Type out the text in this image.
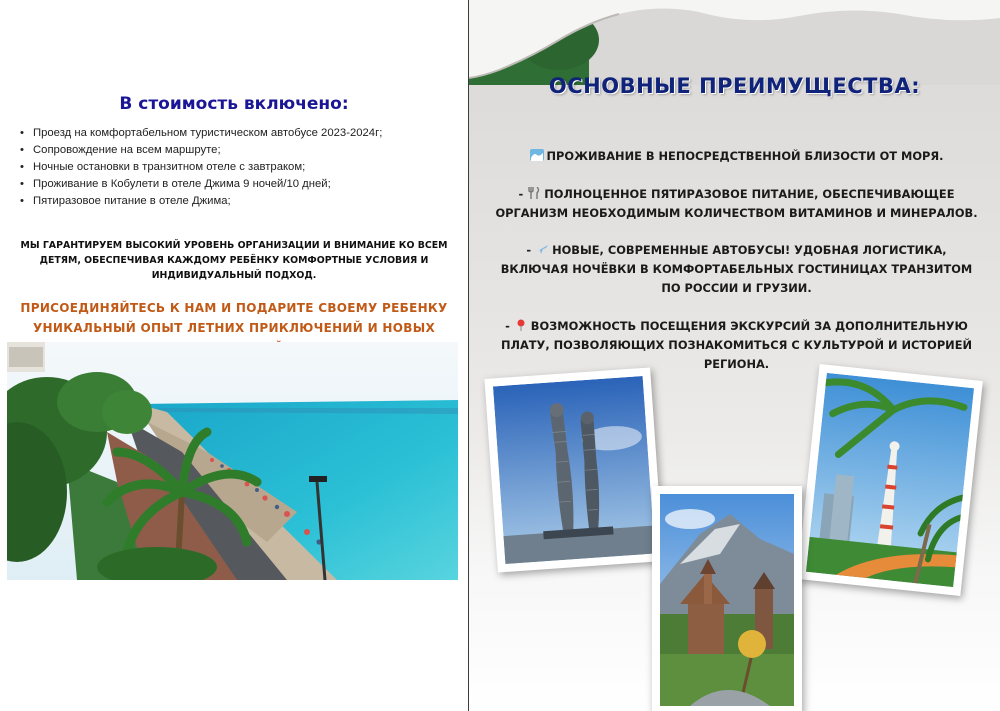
В стоимость включено:
• Проезд на комфортабельном туристическом автобусе 2023-2024г;
• Сопровождение на всем маршруте;
• Ночные остановки в транзитном отеле с завтраком;
• Проживание в Кобулети в отеле Джима 9 ночей/10 дней;
• Пятиразовое питание в отеле Джима;
МЫ ГАРАНТИРУЕМ ВЫСОКИЙ УРОВЕНЬ ОРГАНИЗАЦИИ И ВНИМАНИЕ КО ВСЕМ
ДЕТЯМ, ОБЕСПЕЧИВАЯ КАЖДОМУ РЕБЁНКУ КОМФОРТНЫЕ УСЛОВИЯ И
ИНДИВИДУАЛЬНЫЙ ПОДХОД.
ПРИСОЕДИНЯЙТЕСЬ К НАМ И ПОДАРИТЕ СВОЕМУ РЕБЕНКУ
УНИКАЛЬНЫЙ ОПЫТ ЛЕТНИХ ПРИКЛЮЧЕНИЙ И НОВЫХ
ОСНОВНЫЕ ПРЕИМУЩЕСТВА:
ПРОЖИВАНИЕ В НЕПОСРЕДСТВЕННОЙ БЛИЗОСТИ ОТ МОРЯ.
- ПОЛНОЦЕННОЕ ПЯТИРАЗОВОЕ ПИТАНИЕ, ОБЕСПЕЧИВАЮЩЕЕ
ОРГАНИЗМ НЕОБХОДИМЫМ КОЛИЧЕСТВОМ ВИТАМИНОВ И МИНЕРАЛОВ.
- НОВЫЕ, СОВРЕМЕННЫЕ АВТОБУСЫ! УДОБНАЯ ЛОГИСТИКА,
ВКЛЮЧАЯ НОЧЁВКИ В КОМФОРТАБЕЛЬНЫХ ГОСТИНИЦАХ ТРАНЗИТОМ
ПО РОССИИ И ГРУЗИИ.
- ВОЗМОЖНОСТЬ ПОСЕЩЕНИЯ ЭКСКУРСИЙ ЗА ДОПОЛНИТЕЛЬНУЮ
ПЛАТУ, ПОЗВОЛЯЮЩИХ ПОЗНАКОМИТЬСЯ С КУЛЬТУРОЙ И ИСТОРИЕЙ
РЕГИОНА.
